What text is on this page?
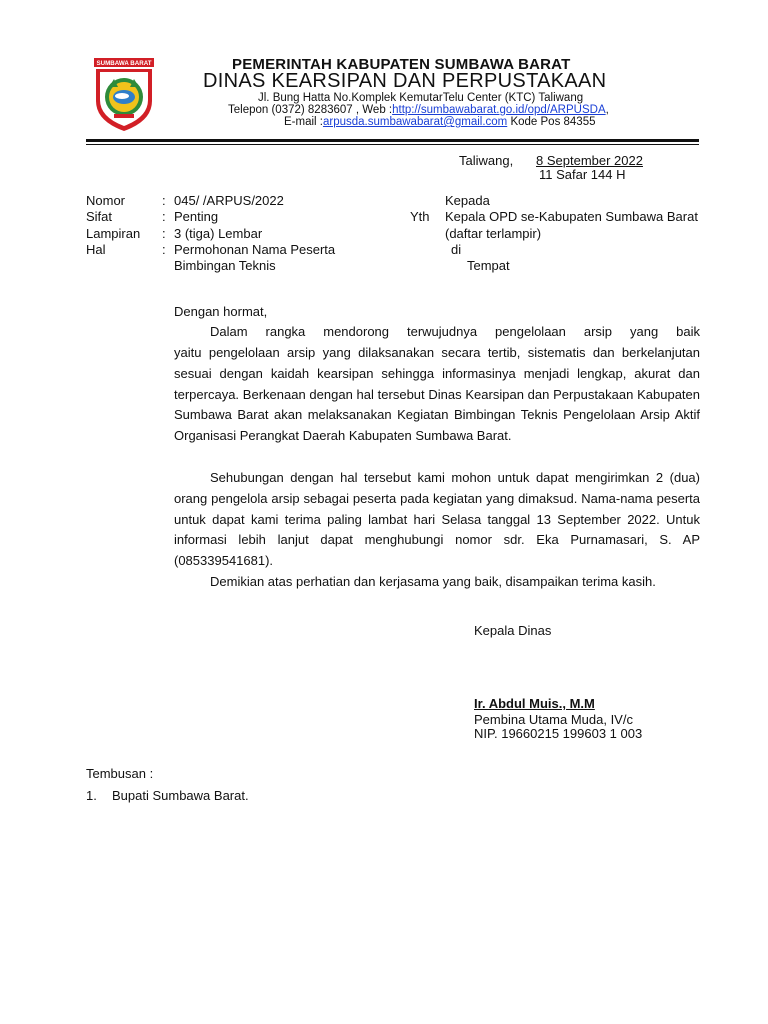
SUMBAWA BARAT	PEMERINTAH KABUPATEN SUMBAWA BARAT
DINAS KEARSIPAN DAN PERPUSTAKAAN
Jl. Bung Hatta No.Komplek KemutarTelu Center (KTC) Taliwang
Telepon (0372) 8283607 , Web :http://sumbawabarat.go.id/opd/ARPUSDA,
E-mail :arpusda.sumbawabarat@gmail.com Kode Pos 84355
Taliwang, 8 September 2022
11 Safar 144 H
Nomor	: 045/ /ARPUS/2022
Sifat	: Penting
Lampiran : 3 (tiga) Lembar
Hal	: Permohonan Nama Peserta
Bimbingan Teknis
Kepada
Yth Kepala OPD se-Kabupaten Sumbawa Barat
(daftar terlampir)
di
Tempat
Dengan hormat,

Dalam rangka mendorong terwujudnya pengelolaan arsip yang baik

yaitu pengelolaan arsip yang dilaksanakan secara tertib, sistematis dan berkelanjutan sesuai dengan kaidah kearsipan sehingga informasinya menjadi lengkap, akurat dan terpercaya. Berkenaan dengan hal tersebut Dinas Kearsipan dan Perpustakaan Kabupaten Sumbawa Barat akan melaksanakan Kegiatan Bimbingan Teknis Pengelolaan Arsip Aktif Organisasi Perangkat Daerah Kabupaten Sumbawa Barat.

Sehubungan dengan hal tersebut kami mohon untuk dapat mengirimkan 2 (dua) orang pengelola arsip sebagai peserta pada kegiatan yang dimaksud. Nama-nama peserta untuk dapat kami terima paling lambat hari Selasa tanggal 13 September 2022. Untuk informasi lebih lanjut dapat menghubungi nomor sdr. Eka Purnamasari, S. AP (085339541681).

Demikian atas perhatian dan kerjasama yang baik, disampaikan terima kasih.

Kepala Dinas
Ir. Abdul Muis., M.M
Pembina Utama Muda, IV/c
NIP. 19660215 199603 1 003
Tembusan :
1. Bupati Sumbawa Barat.
